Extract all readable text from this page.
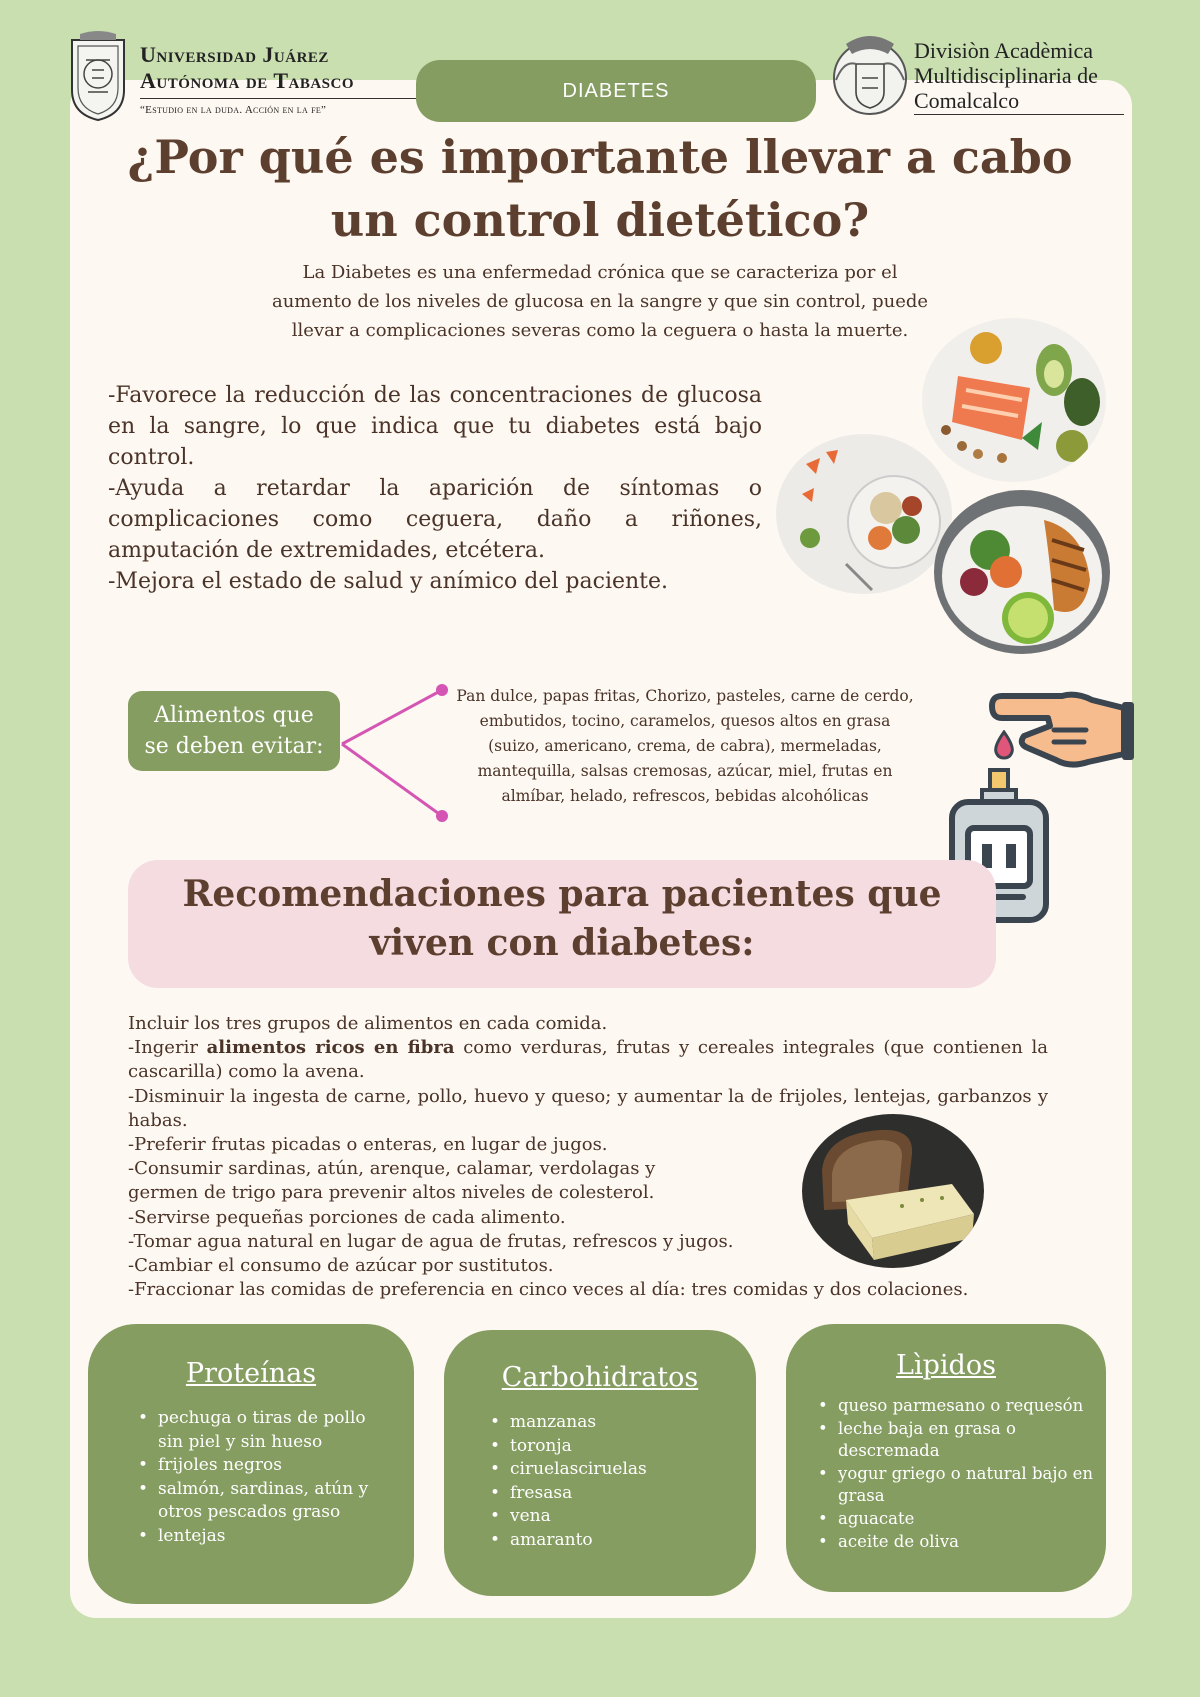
Universidad Juárez
Autónoma de Tabasco
“Estudio en la duda. Acción en la fe”
DIABETES
Divisiòn Acadèmica
Multidisciplinaria de
Comalcalco
¿Por qué es importante llevar a cabo
un control dietético?
La Diabetes es una enfermedad crónica que se caracteriza por el
aumento de los niveles de glucosa en la sangre y que sin control, puede
llevar a complicaciones severas como la ceguera o hasta la muerte.

-Favorece la reducción de las concentraciones de glucosa en la sangre, lo que indica que tu diabetes está bajo control.

-Ayuda a retardar la aparición de síntomas o complicaciones como ceguera, daño a riñones, amputación de extremidades, etcétera.

-Mejora el estado de salud y anímico del paciente.

Alimentos que
se deben evitar:
Pan dulce, papas fritas, Chorizo, pasteles, carne de cerdo,
embutidos, tocino, caramelos, quesos altos en grasa
(suizo, americano, crema, de cabra), mermeladas,
mantequilla, salsas cremosas, azúcar, miel, frutas en
almíbar, helado, refrescos, bebidas alcohólicas
Recomendaciones para pacientes que
viven con diabetes:

Incluir los tres grupos de alimentos en cada comida.

-Ingerir alimentos ricos en fibra como verduras, frutas y cereales integrales (que contienen la cascarilla) como la avena.

-Disminuir la ingesta de carne, pollo, huevo y queso; y aumentar la de frijoles, lentejas, garbanzos y habas.

-Preferir frutas picadas o enteras, en lugar de jugos.

-Consumir sardinas, atún, arenque, calamar, verdolagas y germen de trigo para prevenir altos niveles de colesterol.

-Servirse pequeñas porciones de cada alimento.

-Tomar agua natural en lugar de agua de frutas, refrescos y jugos.

-Cambiar el consumo de azúcar por sustitutos.

-Fraccionar las comidas de preferencia en cinco veces al día: tres comidas y dos colaciones.

Proteínas
• pechuga o tiras de pollo sin piel y sin hueso
• frijoles negros
• salmón, sardinas, atún y otros pescados graso
• lentejas
Carbohidratos
• manzanas
• toronja
• ciruelasciruelas
• fresasa
• vena
• amaranto
Lìpidos
• queso parmesano o requesón
• leche baja en grasa o descremada
• yogur griego o natural bajo en grasa
• aguacate
• aceite de oliva
